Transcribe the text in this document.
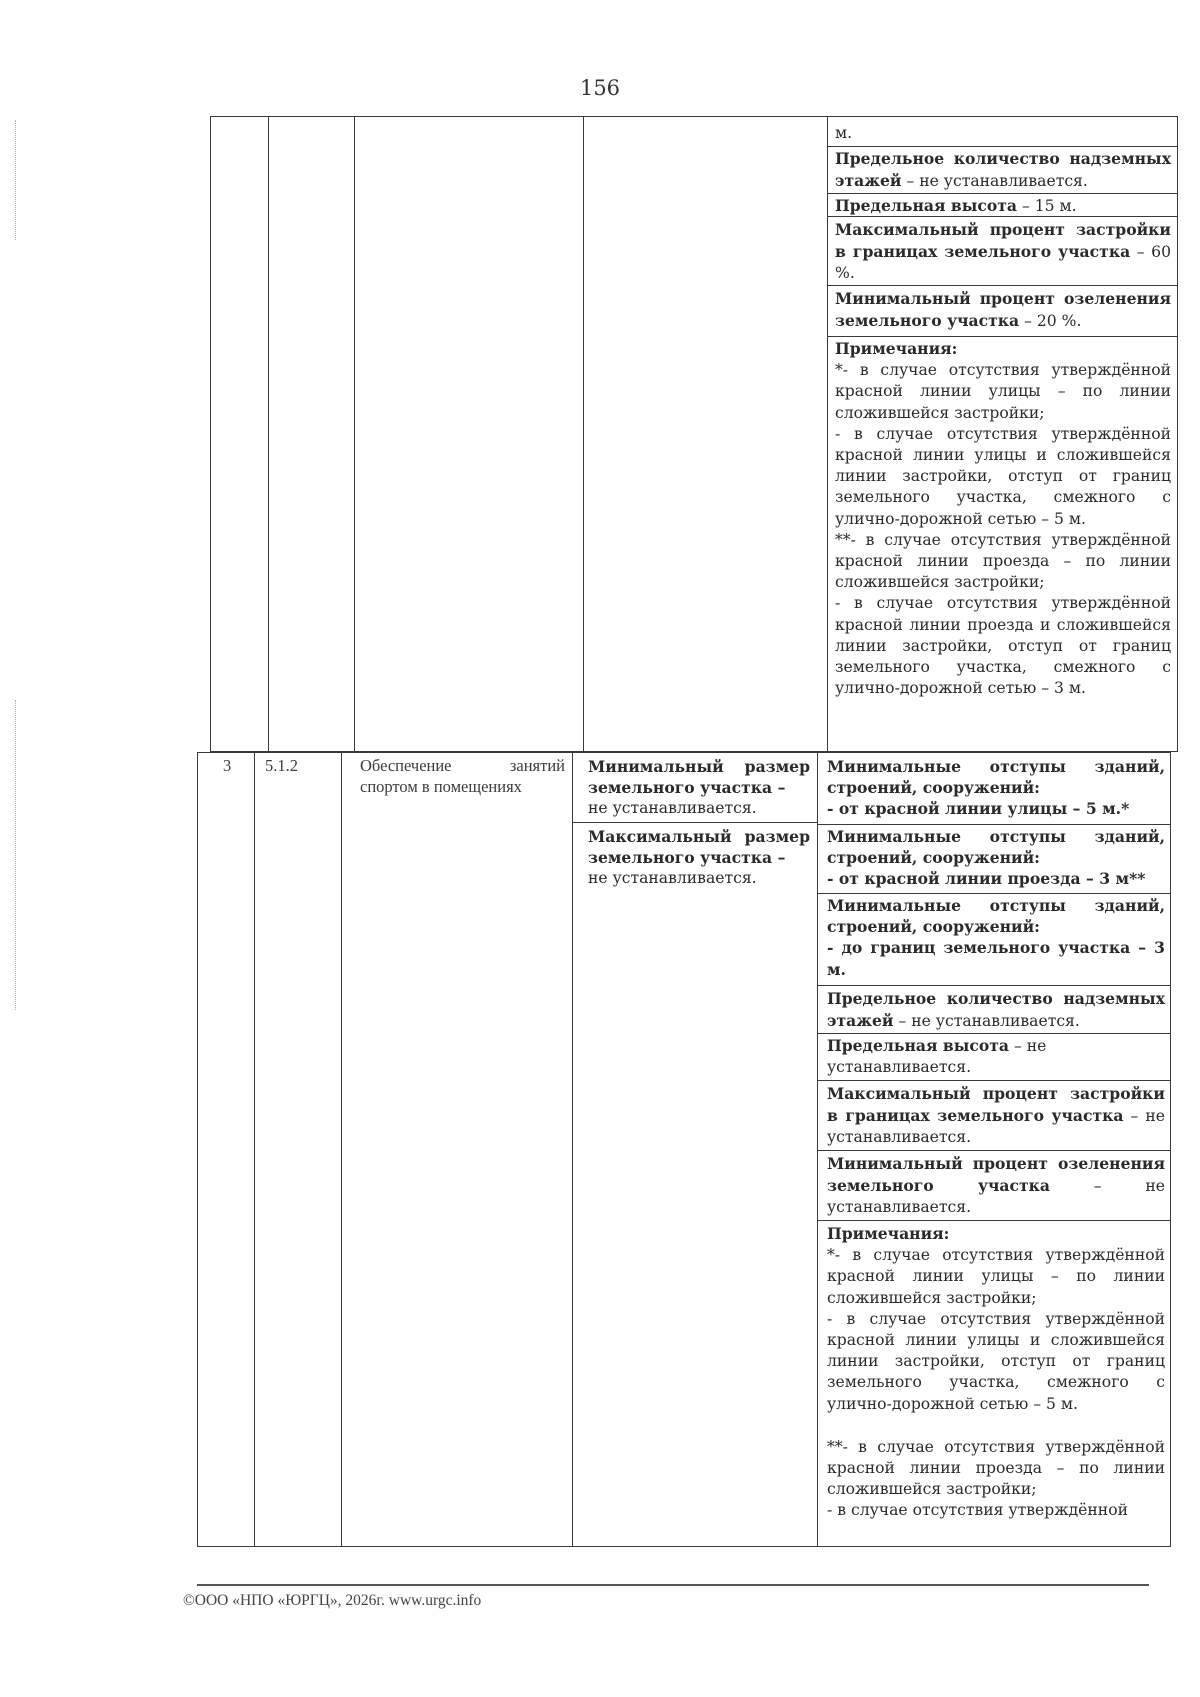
156
м.
Предельное количество надземных этажей – не устанавливается.
Предельная высота – 15 м.
Максимальный процент застройки в границах земельного участка – 60 %.
Минимальный процент озеленения земельного участка – 20 %.
Примечания:
*- в случае отсутствия утверждённой красной линии улицы – по линии сложившейся застройки;
- в случае отсутствия утверждённой красной линии улицы и сложившейся линии застройки, отступ от границ земельного участка, смежного с улично-дорожной сетью – 5 м.
**- в случае отсутствия утверждённой красной линии проезда – по линии сложившейся застройки;
- в случае отсутствия утверждённой красной линии проезда и сложившейся линии застройки, отступ от границ земельного участка, смежного с улично-дорожной сетью – 3 м.
3 5.1.2	Обеспечение занятий спортом в помещениях
Минимальный размер земельного участка –
не устанавливается.
Максимальный размер земельного участка –
не устанавливается.
Минимальные отступы зданий, строений, сооружений:
- от красной линии улицы – 5 м.*
Минимальные отступы зданий, строений, сооружений:
- от красной линии проезда – 3 м**
Минимальные отступы зданий, строений, сооружений:
- до границ земельного участка – 3 м.
Предельное количество надземных этажей – не устанавливается.
Предельная высота – не устанавливается.
Максимальный процент застройки в границах земельного участка – не устанавливается.
Минимальный процент озеленения земельного участка – не устанавливается.
Примечания:
*- в случае отсутствия утверждённой красной линии улицы – по линии сложившейся застройки;
- в случае отсутствия утверждённой красной линии улицы и сложившейся линии застройки, отступ от границ земельного участка, смежного с улично-дорожной сетью – 5 м.
**- в случае отсутствия утверждённой красной линии проезда – по линии сложившейся застройки;
- в случае отсутствия утверждённой
©ООО «НПО «ЮРГЦ», 2026г. www.urgc.info
